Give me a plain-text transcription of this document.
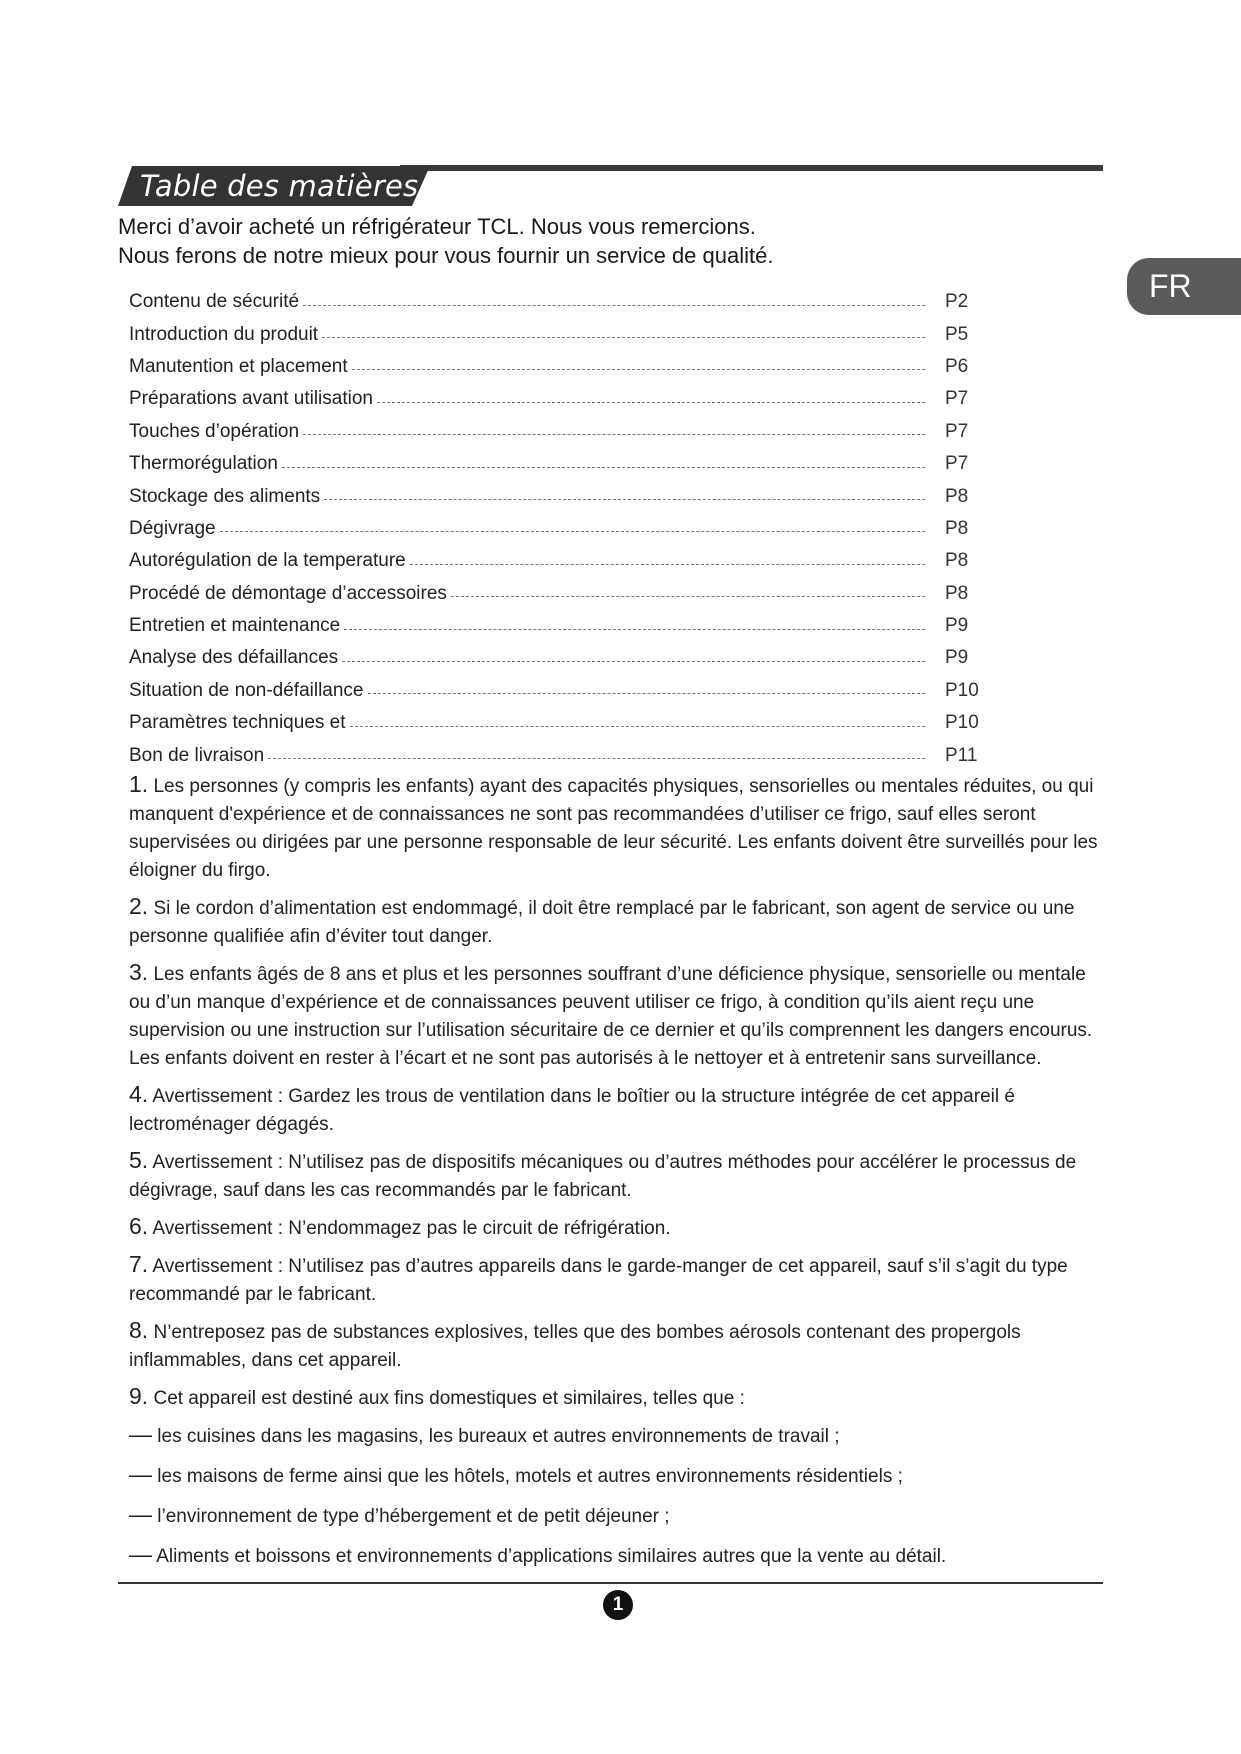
Table des matières
Merci d’avoir acheté un réfrigérateur TCL. Nous vous remercions.
Nous ferons de notre mieux pour vous fournir un service de qualité.
FR
Contenu de sécurité	P2
Introduction du produit	P5
Manutention et placement	P6
Préparations avant utilisation	P7
Touches d’opération	P7
Thermorégulation	P7
Stockage des aliments	P8
Dégivrage	P8
Autorégulation de la temperature	P8
Procédé de démontage d’accessoires	P8
Entretien et maintenance	P9
Analyse des défaillances	P9
Situation de non-défaillance	P10
Paramètres techniques et	P10
Bon de livraison	P11

1. Les personnes (y compris les enfants) ayant des capacités physiques, sensorielles ou mentales réduites, ou qui manquent d'expérience et de connaissances ne sont pas recommandées d’utiliser ce frigo, sauf elles seront supervisées ou dirigées par une personne responsable de leur sécurité. Les enfants doivent être surveillés pour les éloigner du firgo.

2. Si le cordon d’alimentation est endommagé, il doit être remplacé par le fabricant, son agent de service ou une personne qualifiée afin d’éviter tout danger.

3. Les enfants âgés de 8 ans et plus et les personnes souffrant d’une déficience physique, sensorielle ou mentale ou d’un manque d’expérience et de connaissances peuvent utiliser ce frigo, à condition qu’ils aient reçu une supervision ou une instruction sur l’utilisation sécuritaire de ce dernier et qu’ils comprennent les dangers encourus. Les enfants doivent en rester à l’écart et ne sont pas autorisés à le nettoyer et à entretenir sans surveillance.

4. Avertissement : Gardez les trous de ventilation dans le boîtier ou la structure intégrée de cet appareil é lectroménager dégagés.

5. Avertissement : N’utilisez pas de dispositifs mécaniques ou d’autres méthodes pour accélérer le processus de dégivrage, sauf dans les cas recommandés par le fabricant.

6. Avertissement : N’endommagez pas le circuit de réfrigération.

7. Avertissement : N’utilisez pas d’autres appareils dans le garde-manger de cet appareil, sauf s’il s’agit du type recommandé par le fabricant.

8. N’entreposez pas de substances explosives, telles que des bombes aérosols contenant des propergols inflammables, dans cet appareil.

9. Cet appareil est destiné aux fins domestiques et similaires, telles que :

— les cuisines dans les magasins, les bureaux et autres environnements de travail ;

— les maisons de ferme ainsi que les hôtels, motels et autres environnements résidentiels ;

— l’environnement de type d’hébergement et de petit déjeuner ;

— Aliments et boissons et environnements d’applications similaires autres que la vente au détail.

1
